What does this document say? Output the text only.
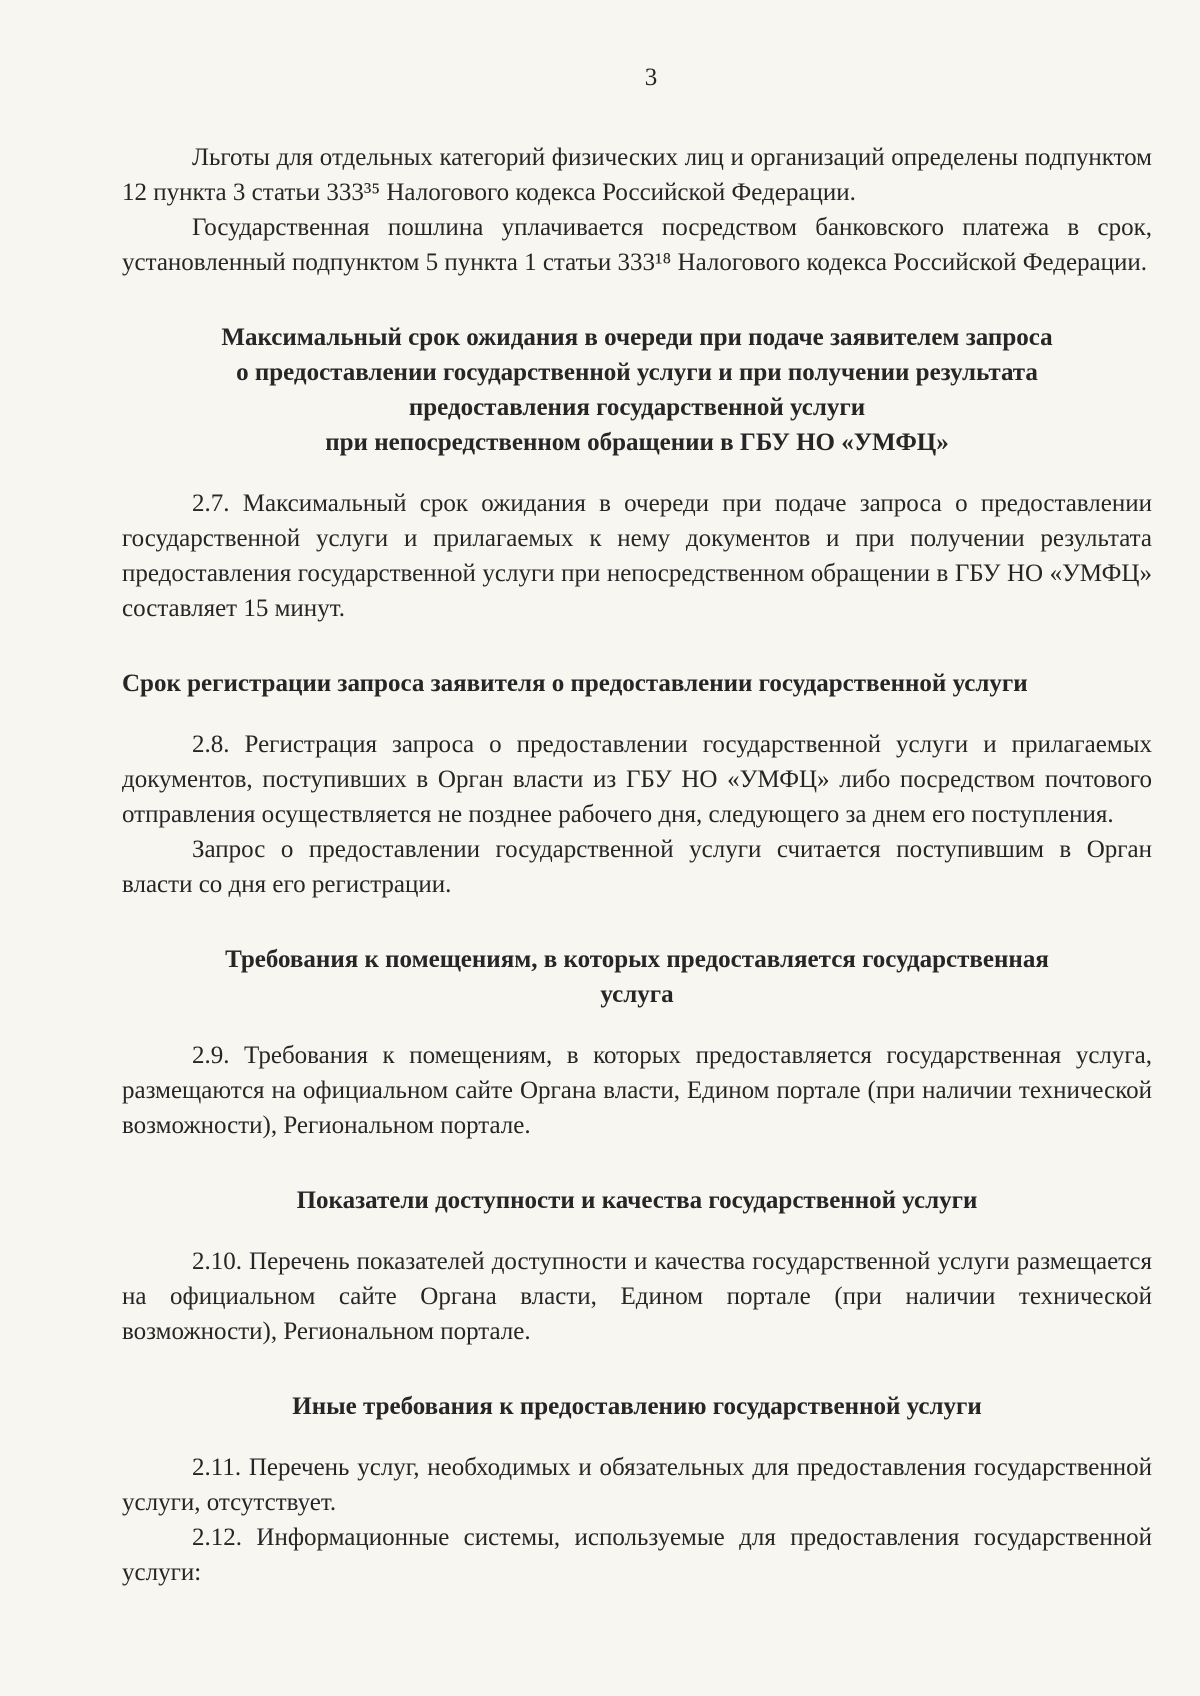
3

Льготы для отдельных категорий физических лиц и организаций определены подпунктом 12 пункта 3 статьи 333³⁵ Налогового кодекса Российской Федерации.

Государственная пошлина уплачивается посредством банковского платежа в срок, установленный подпунктом 5 пункта 1 статьи 333¹⁸ Налогового кодекса Российской Федерации.

Максимальный срок ожидания в очереди при подаче заявителем запроса

о предоставлении государственной услуги и при получении результата

предоставления государственной услуги

при непосредственном обращении в ГБУ НО «УМФЦ»

2.7. Максимальный срок ожидания в очереди при подаче запроса о предоставлении государственной услуги и прилагаемых к нему документов и при получении результата предоставления государственной услуги при непосредственном обращении в ГБУ НО «УМФЦ» составляет 15 минут.

Срок регистрации запроса заявителя о предоставлении государственной услуги

2.8. Регистрация запроса о предоставлении государственной услуги и прилагаемых документов, поступивших в Орган власти из ГБУ НО «УМФЦ» либо посредством почтового отправления осуществляется не позднее рабочего дня, следующего за днем его поступления.

Запрос о предоставлении государственной услуги считается поступившим в Орган власти со дня его регистрации.

Требования к помещениям, в которых предоставляется государственная

услуга

2.9. Требования к помещениям, в которых предоставляется государственная услуга, размещаются на официальном сайте Органа власти, Едином портале (при наличии технической возможности), Региональном портале.

Показатели доступности и качества государственной услуги

2.10. Перечень показателей доступности и качества государственной услуги размещается на официальном сайте Органа власти, Едином портале (при наличии технической возможности), Региональном портале.

Иные требования к предоставлению государственной услуги

2.11. Перечень услуг, необходимых и обязательных для предоставления государственной услуги, отсутствует.

2.12. Информационные системы, используемые для предоставления государственной услуги:
